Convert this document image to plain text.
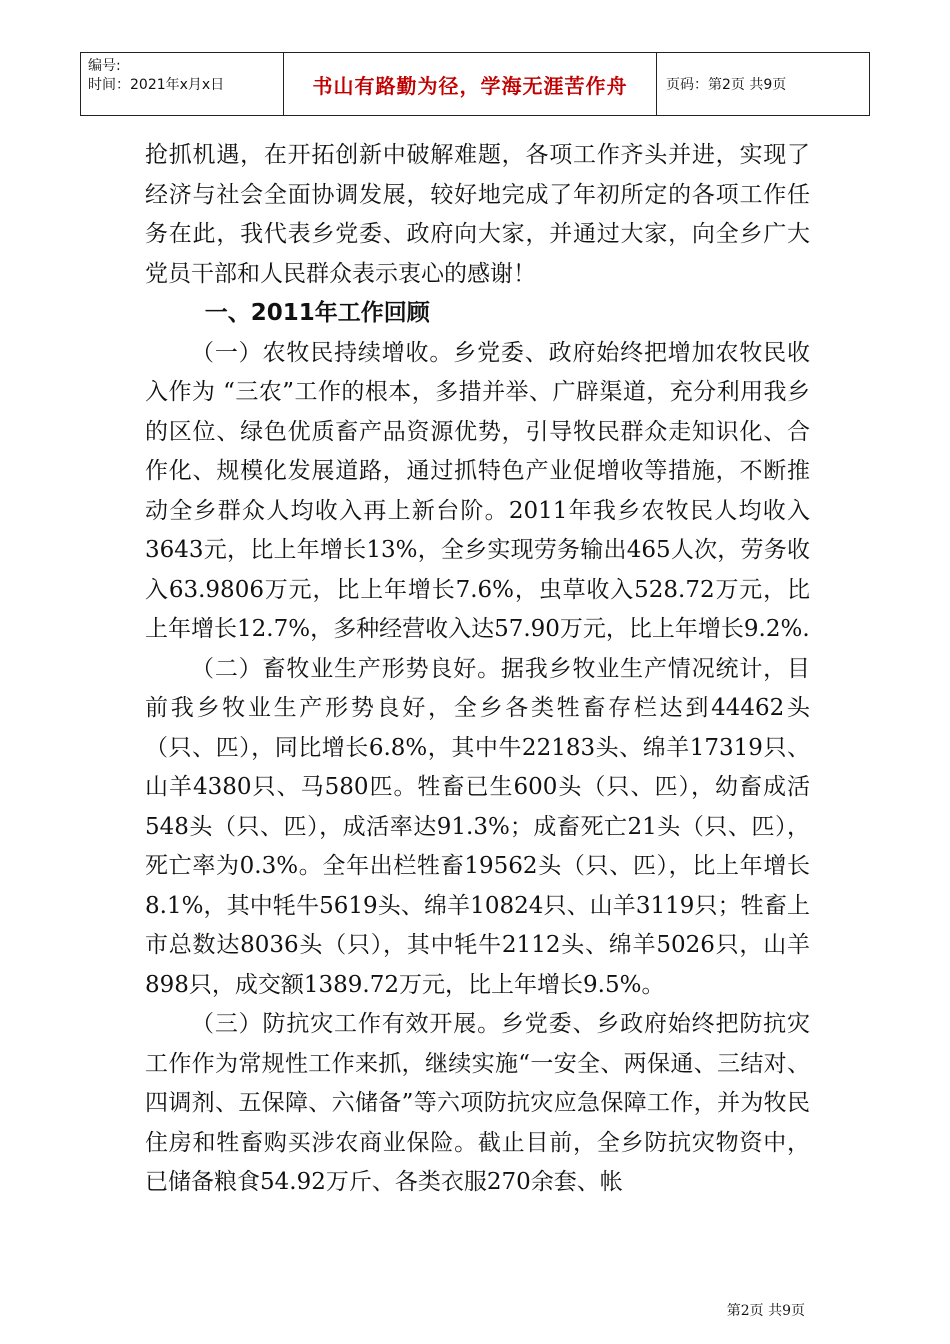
编号:
时间：2021年x月x日	书山有路勤为径，学海无涯苦作舟	页码：第2页 共9页

抢抓机遇，在开拓创新中破解难题，各项工作齐头并进，实现了经济与社会全面协调发展，较好地完成了年初所定的各项工作任务在此，我代表乡党委、政府向大家，并通过大家，向全乡广大党员干部和人民群众表示衷心的感谢！

一、2011年工作回顾

（一）农牧民持续增收。乡党委、政府始终把增加农牧民收入作为 “三农”工作的根本，多措并举、广辟渠道，充分利用我乡的区位、绿色优质畜产品资源优势，引导牧民群众走知识化、合作化、规模化发展道路，通过抓特色产业促增收等措施，不断推动全乡群众人均收入再上新台阶。2011年我乡农牧民人均收入3643元，比上年增长13%，全乡实现劳务输出465人次，劳务收入63.9806万元，比上年增长7.6%，虫草收入528.72万元，比上年增长12.7%，多种经营收入达57.90万元，比上年增长9.2%.

（二）畜牧业生产形势良好。据我乡牧业生产情况统计，目前我乡牧业生产形势良好，全乡各类牲畜存栏达到44462头（只、匹），同比增长6.8%，其中牛22183头、绵羊17319只、山羊4380只、马580匹。牲畜已生600头（只、匹），幼畜成活548头（只、匹），成活率达91.3%；成畜死亡21头（只、匹），死亡率为0.3%。全年出栏牲畜19562头（只、匹），比上年增长8.1%，其中牦牛5619头、绵羊10824只、山羊3119只；牲畜上市总数达8036头（只），其中牦牛2112头、绵羊5026只，山羊898只，成交额1389.72万元，比上年增长9.5%。

（三）防抗灾工作有效开展。乡党委、乡政府始终把防抗灾工作作为常规性工作来抓，继续实施“一安全、两保通、三结对、四调剂、五保障、六储备”等六项防抗灾应急保障工作，并为牧民住房和牲畜购买涉农商业保险。截止目前，全乡防抗灾物资中，已储备粮食54.92万斤、各类衣服270余套、帐

第2页 共9页
